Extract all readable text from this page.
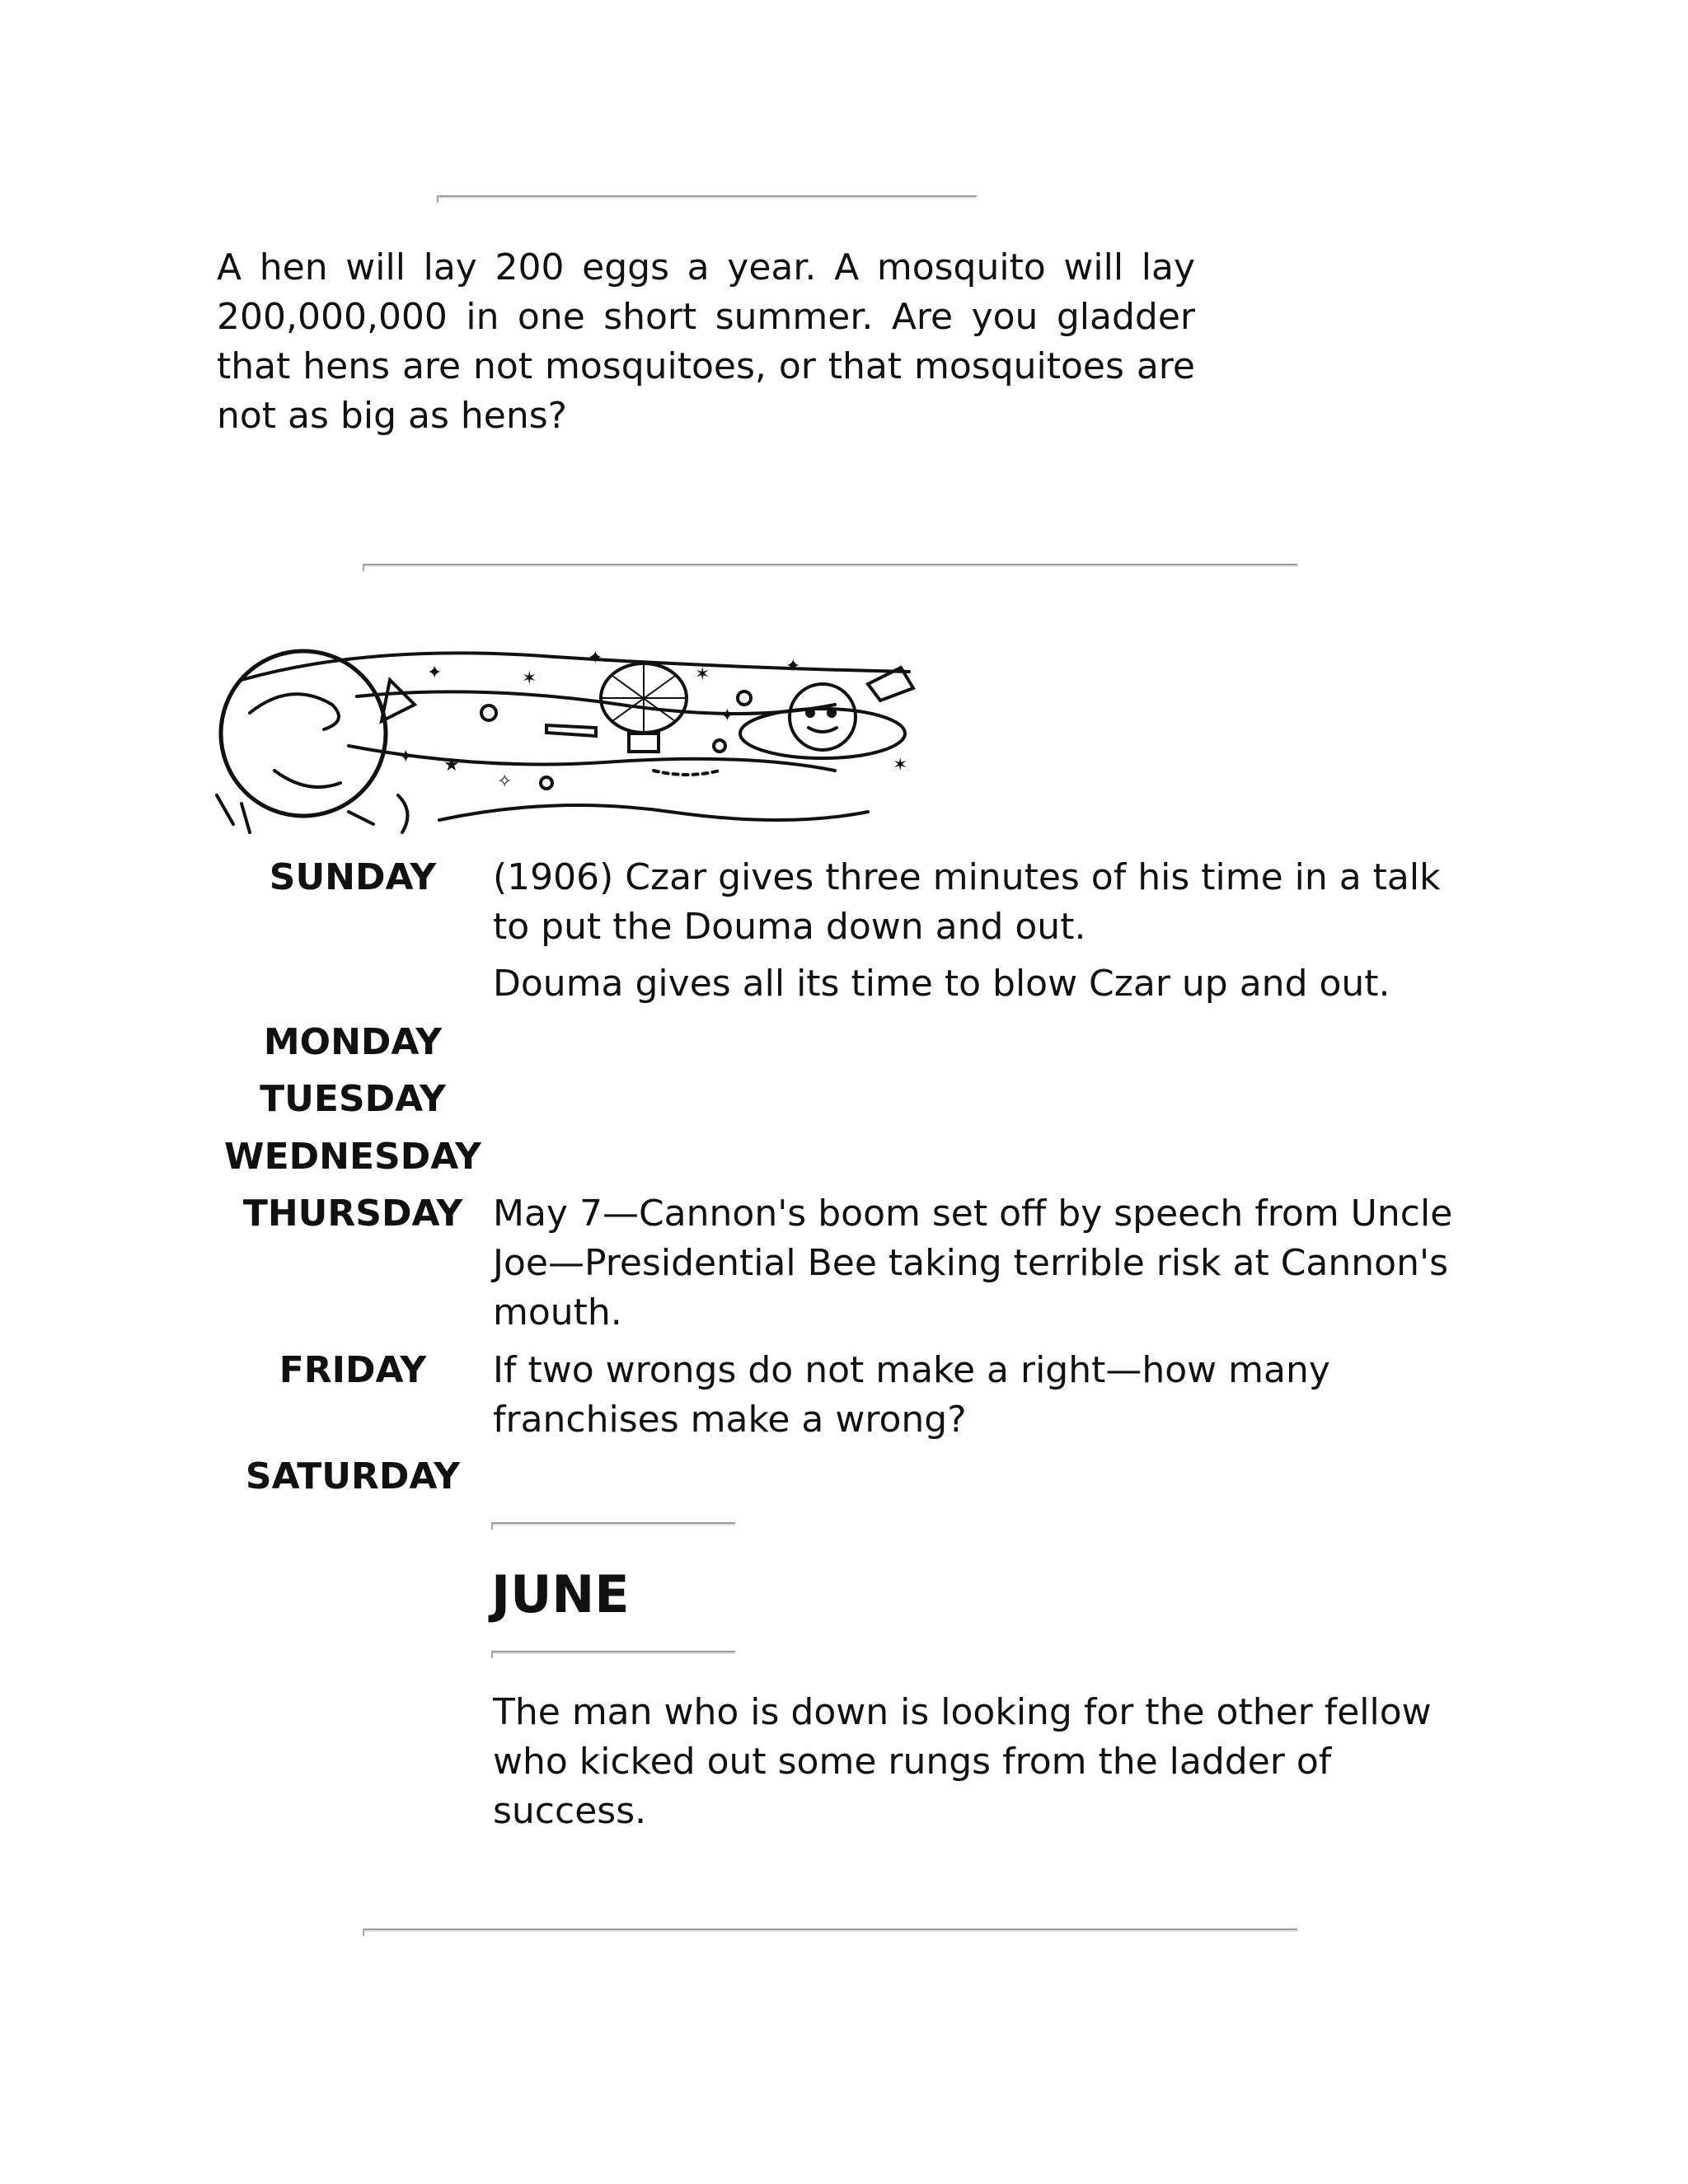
A hen will lay 200 eggs a year. A mosquito will lay 200,000,000 in one short summer. Are you gladder that hens are not mosquitoes, or that mosquitoes are not as big as hens?

✦	✶
✦
✶	✦
★
✧
✦
✶
✦
SUNDAY	(1906) Czar gives three minutes of his time in a talk to put the Douma down and out.

Douma gives all its time to blow Czar up and out.

MONDAY
TUESDAY
WEDNESDAY
THURSDAY May 7—Cannon's boom set off by speech from Uncle Joe—Presidential Bee taking terrible risk at Cannon's mouth.

FRIDAY	If two wrongs do not make a right—how many franchises make a wrong?

SATURDAY
JUNE

The man who is down is looking for the other fellow who kicked out some rungs from the ladder of success.
